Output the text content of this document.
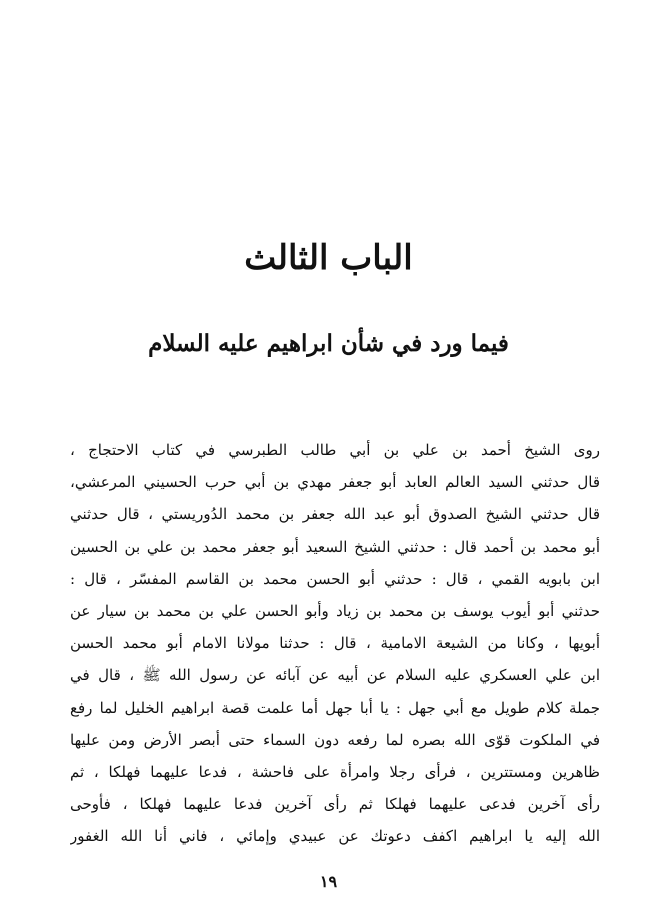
الباب الثالث
فيما ورد في شأن ابراهيم عليه السلام
روى الشيخ أحمد بن علي بن أبي طالب الطبرسي في كتاب الاحتجاج ،
قال حدثني السيد العالم العابد أبو جعفر مهدي بن أبي حرب الحسيني المرعشي،
قال حدثني الشيخ الصدوق أبو عبد الله جعفر بن محمد الدُوريستي ، قال حدثني
أبو محمد بن أحمد قال : حدثني الشيخ السعيد أبو جعفر محمد بن علي بن الحسين
ابن بابويه القمي ، قال : حدثني أبو الحسن محمد بن القاسم المفسّر ، قال :
حدثني أبو أيوب يوسف بن محمد بن زياد وأبو الحسن علي بن محمد بن سيار عن
أبويها ، وكانا من الشيعة الامامية ، قال : حدثنا مولانا الامام أبو محمد الحسن
ابن علي العسكري عليه السلام عن أبيه عن آبائه عن رسول الله ﷺ ، قال في
جملة كلام طويل مع أبي جهل : يا أبا جهل أما علمت قصة ابراهيم الخليل لما رفع
في الملكوت قوّى الله بصره لما رفعه دون السماء حتى أبصر الأرض ومن عليها
ظاهرين ومستترين ، فرأى رجلا وامرأة على فاحشة ، فدعا عليهما فهلكا ، ثم
رأى آخرين فدعى عليهما فهلكا ثم رأى آخرين فدعا عليهما فهلكا ، فأوحى
الله إليه يا ابراهيم اكفف دعوتك عن عبيدي وإمائي ، فاني أنا الله الغفور
١٩
